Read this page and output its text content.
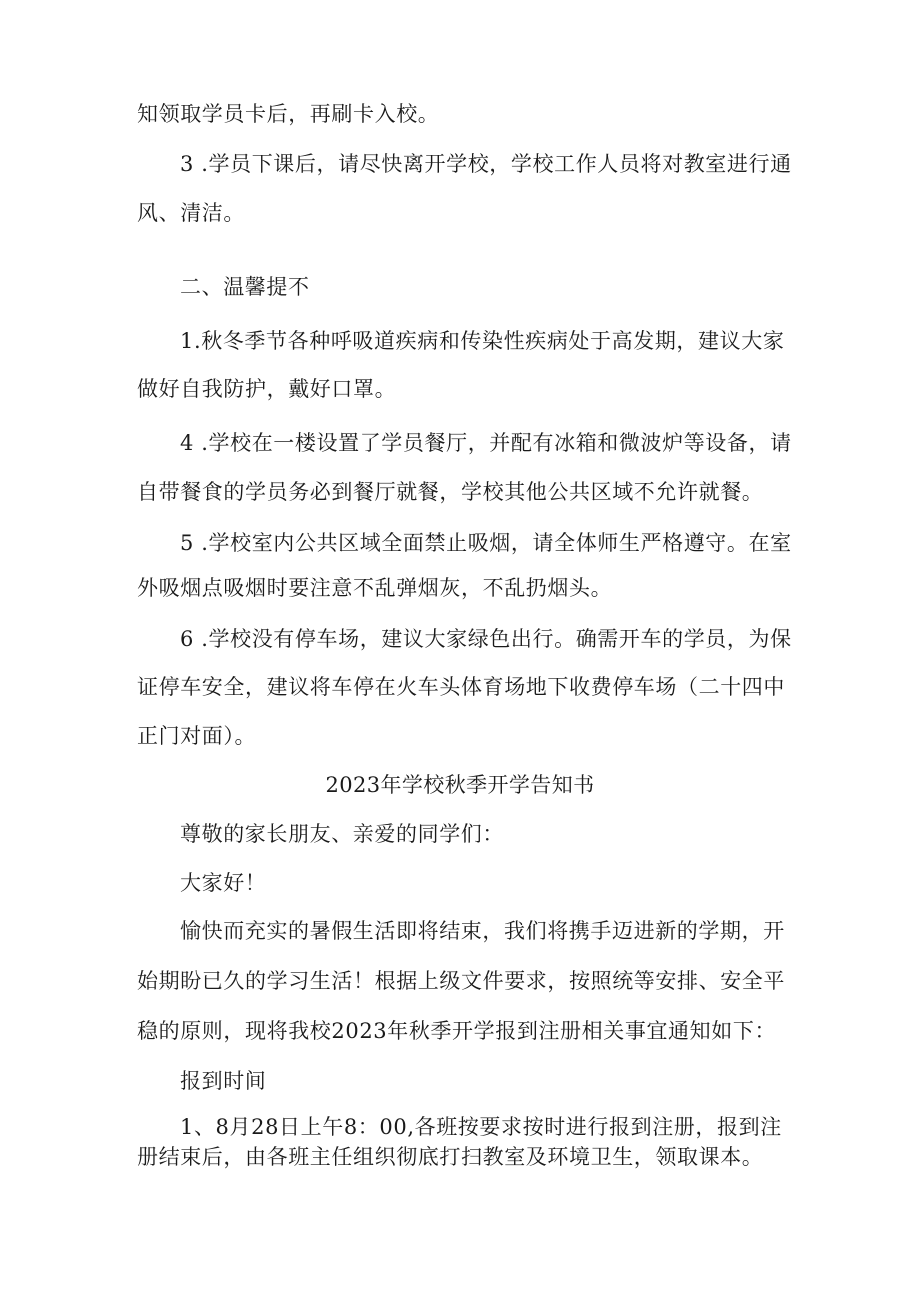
知领取学员卡后，再刷卡入校。
3 .学员下课后，请尽快离开学校，学校工作人员将对教室进行通
风、清洁。
二、温馨提不
1.秋冬季节各种呼吸道疾病和传染性疾病处于高发期，建议大家
做好自我防护，戴好口罩。
4 .学校在一楼设置了学员餐厅，并配有冰箱和微波炉等设备，请
自带餐食的学员务必到餐厅就餐，学校其他公共区域不允许就餐。
5 .学校室内公共区域全面禁止吸烟，请全体师生严格遵守。在室
外吸烟点吸烟时要注意不乱弹烟灰，不乱扔烟头。
6 .学校没有停车场，建议大家绿色出行。确需开车的学员，为保
证停车安全，建议将车停在火车头体育场地下收费停车场（二十四中
正门对面）。
2023年学校秋季开学告知书
尊敬的家长朋友、亲爱的同学们：
大家好！
愉快而充实的暑假生活即将结束，我们将携手迈进新的学期，开
始期盼已久的学习生活！根据上级文件要求，按照统等安排、安全平
稳的原则，现将我校2023年秋季开学报到注册相关事宜通知如下：
报到时间
1、8月28日上午8：00,各班按要求按时进行报到注册，报到注
册结束后，由各班主任组织彻底打扫教室及环境卫生，领取课本。
